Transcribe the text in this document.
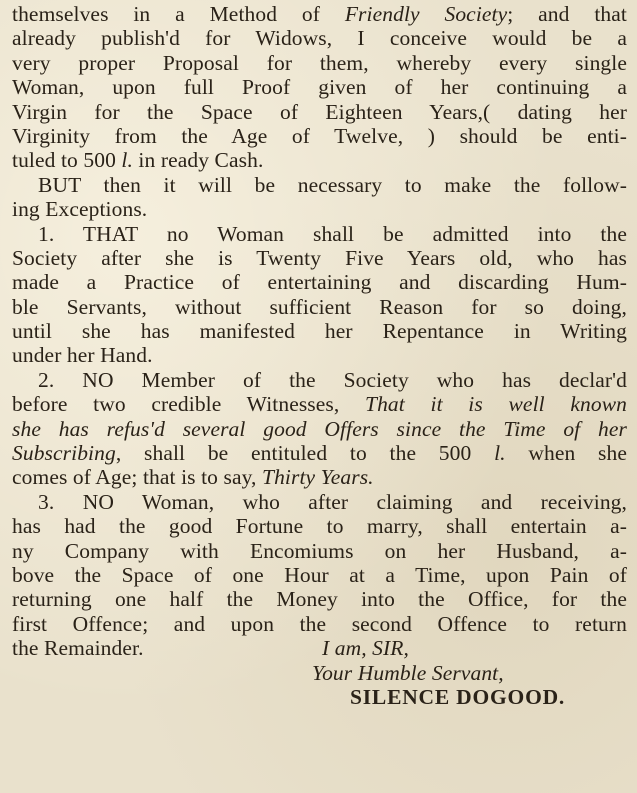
themselves in a Method of Friendly Society; and that
already publish'd for Widows, I conceive would be a
very proper Proposal for them, whereby every single
Woman, upon full Proof given of her continuing a
Virgin for the Space of Eighteen Years,( dating her
Virginity from the Age of Twelve, ) should be enti-
tuled to 500 l. in ready Cash.
BUT then it will be necessary to make the follow-
ing Exceptions.
1. THAT no Woman shall be admitted into the
Society after she is Twenty Five Years old, who has
made a Practice of entertaining and discarding Hum-
ble Servants, without sufficient Reason for so doing,
until she has manifested her Repentance in Writing
under her Hand.
2. NO Member of the Society who has declar'd
before two credible Witnesses, That it is well known
she has refus'd several good Offers since the Time of her
Subscribing, shall be entituled to the 500 l. when she
comes of Age; that is to say, Thirty Years.
3. NO Woman, who after claiming and receiving,
has had the good Fortune to marry, shall entertain a-
ny Company with Encomiums on her Husband, a-
bove the Space of one Hour at a Time, upon Pain of
returning one half the Money into the Office, for the
first Offence; and upon the second Offence to return
the Remainder.	I am, SIR,
Your Humble Servant,
SILENCE DOGOOD.
